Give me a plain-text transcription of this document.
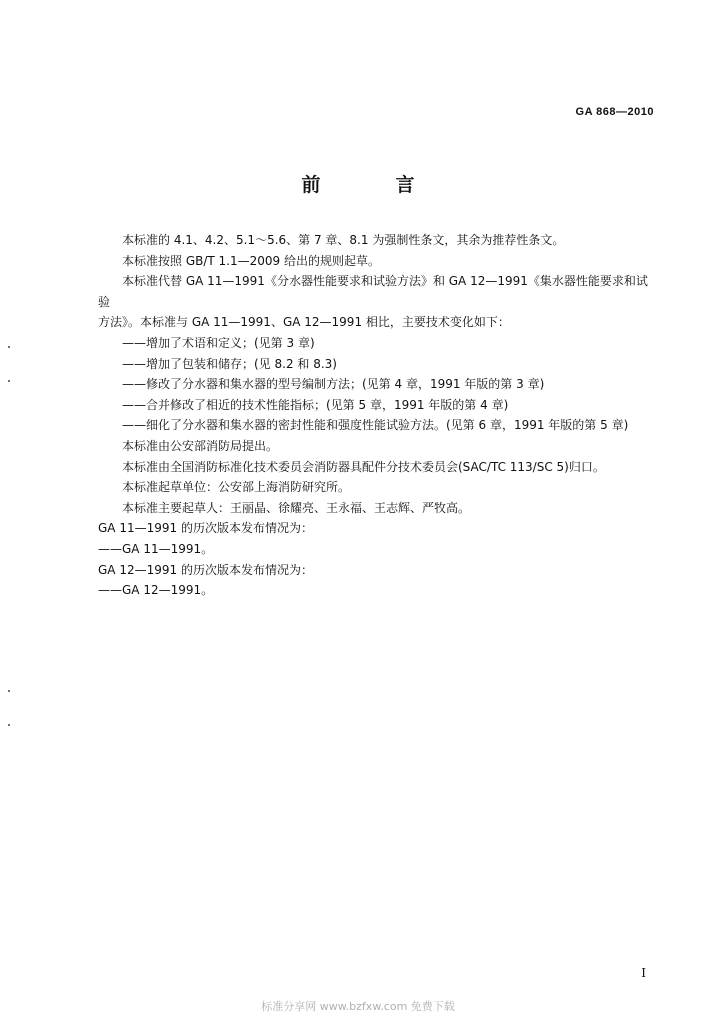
GA 868—2010
前　言

本标准的 4.1、4.2、5.1～5.6、第 7 章、8.1 为强制性条文，其余为推荐性条文。

本标准按照 GB/T 1.1—2009 给出的规则起草。

本标准代替 GA 11—1991《分水器性能要求和试验方法》和 GA 12—1991《集水器性能要求和试验

方法》。本标准与 GA 11—1991、GA 12—1991 相比，主要技术变化如下：

——增加了术语和定义；(见第 3 章)

——增加了包装和储存；(见 8.2 和 8.3)

——修改了分水器和集水器的型号编制方法；(见第 4 章，1991 年版的第 3 章)

——合并修改了相近的技术性能指标；(见第 5 章，1991 年版的第 4 章)

——细化了分水器和集水器的密封性能和强度性能试验方法。(见第 6 章，1991 年版的第 5 章)

本标准由公安部消防局提出。

本标准由全国消防标准化技术委员会消防器具配件分技术委员会(SAC/TC 113/SC 5)归口。

本标准起草单位：公安部上海消防研究所。

本标准主要起草人：王丽晶、徐耀亮、王永福、王志辉、严牧高。

GA 11—1991 的历次版本发布情况为：

——GA 11—1991。

GA 12—1991 的历次版本发布情况为：

——GA 12—1991。

I
标准分享网 www.bzfxw.com 免费下载
